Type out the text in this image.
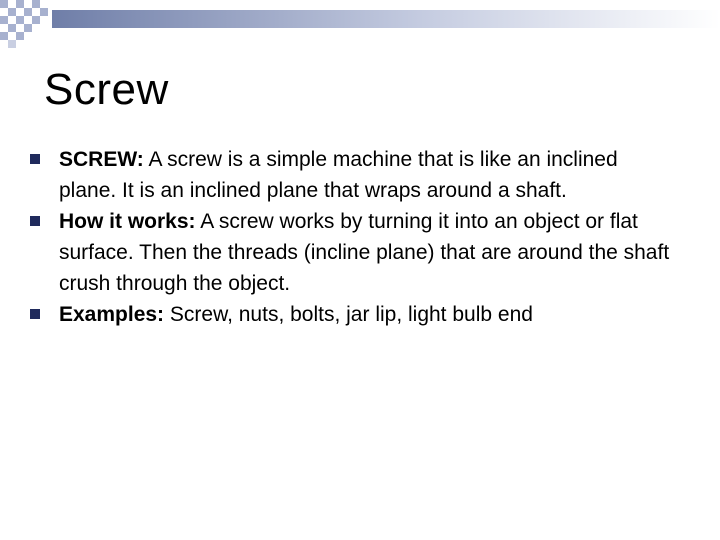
Screw
SCREW: A screw is a simple machine that is like an inclined plane. It is an inclined plane that wraps around a shaft.
How it works: A screw works by turning it into an object or flat surface. Then the threads (incline plane) that are around the shaft crush through the object.
Examples: Screw, nuts, bolts, jar lip, light bulb end
